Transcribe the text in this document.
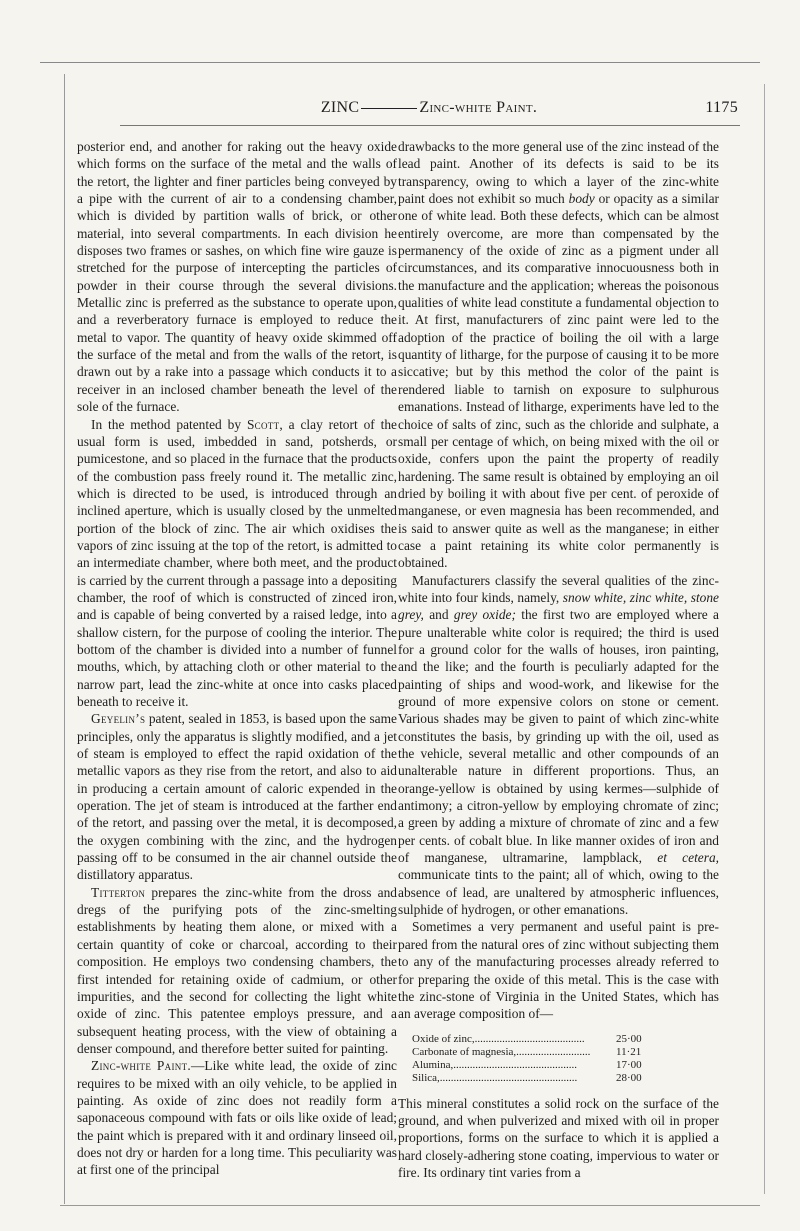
ZINC	Zinc-white Paint.	1175

posterior end, and another for raking out the heavy oxide which forms on the surface of the metal and the walls of the retort, the lighter and finer particles being conveyed by a pipe with the current of air to a condensing chamber, which is divided by partition walls of brick, or other material, into several compartments. In each division he disposes two frames or sashes, on which fine wire gauze is stretched for the purpose of intercepting the particles of powder in their course through the several divisions. Metallic zinc is preferred as the substance to operate upon, and a reverberatory furnace is employed to reduce the metal to vapor. The quantity of heavy oxide skimmed off the surface of the metal and from the walls of the retort, is drawn out by a rake into a passage which conducts it to a receiver in an inclosed chamber beneath the level of the sole of the furnace.

In the method patented by Scott, a clay retort of the usual form is used, imbedded in sand, potsherds, or pumicestone, and so placed in the furnace that the products of the combustion pass freely round it. The metallic zinc, which is directed to be used, is introduced through an inclined aperture, which is usually closed by the unmelted portion of the block of zinc. The air which oxidises the vapors of zinc issuing at the top of the retort, is admitted to an intermediate chamber, where both meet, and the product is carried by the current through a passage into a depositing chamber, the roof of which is constructed of zinced iron, and is capable of being converted by a raised ledge, into a shallow cistern, for the purpose of cooling the interior. The bottom of the chamber is divided into a number of funnel mouths, which, by attaching cloth or other material to the narrow part, lead the zinc-white at once into casks placed beneath to receive it.

Geyelin’s patent, sealed in 1853, is based upon the same principles, only the apparatus is slightly modified, and a jet of steam is employed to effect the rapid oxidation of the metallic vapors as they rise from the retort, and also to aid in producing a certain amount of caloric expended in the operation. The jet of steam is introduced at the farther end of the retort, and passing over the metal, it is decomposed, the oxygen combining with the zinc, and the hydrogen passing off to be consumed in the air channel outside the distillatory apparatus.

Titterton prepares the zinc-white from the dross and dregs of the purifying pots of the zinc-smelting establishments by heating them alone, or mixed with a certain quantity of coke or charcoal, according to their composition. He employs two condensing chambers, the first intended for retaining oxide of cadmium, or other impurities, and the second for collecting the light white oxide of zinc. This patentee employs pressure, and a subsequent heating process, with the view of obtaining a denser compound, and therefore better suited for painting.

Zinc-white Paint.—Like white lead, the oxide of zinc requires to be mixed with an oily vehicle, to be applied in painting. As oxide of zinc does not readily form a saponaceous compound with fats or oils like oxide of lead; the paint which is prepared with it and ordinary linseed oil, does not dry or harden for a long time. This peculiarity was at first one of the principal

drawbacks to the more general use of the zinc instead of the lead paint. Another of its defects is said to be its transparency, owing to which a layer of the zinc-white paint does not exhibit so much body or opacity as a similar one of white lead. Both these defects, which can be almost entirely overcome, are more than compensated by the permanency of the oxide of zinc as a pigment under all circumstances, and its comparative innocuousness both in the manufacture and the application; whereas the poisonous qualities of white lead constitute a fundamental objection to it. At first, manufacturers of zinc paint were led to the adoption of the practice of boiling the oil with a large quantity of litharge, for the purpose of causing it to be more siccative; but by this method the color of the paint is rendered liable to tarnish on exposure to sulphurous emanations. Instead of litharge, experiments have led to the choice of salts of zinc, such as the chloride and sulphate, a small per centage of which, on being mixed with the oil or oxide, confers upon the paint the property of readily hardening. The same result is obtained by employing an oil dried by boiling it with about five per cent. of peroxide of manganese, or even magnesia has been recommended, and is said to answer quite as well as the manganese; in either case a paint retaining its white color permanently is obtained.

Manufacturers classify the several qualities of the zinc-white into four kinds, namely, snow white, zinc white, stone grey, and grey oxide; the first two are employed where a pure unalterable white color is required; the third is used for a ground color for the walls of houses, iron painting, and the like; and the fourth is peculiarly adapted for the painting of ships and wood-work, and likewise for the ground of more expensive colors on stone or cement. Various shades may be given to paint of which zinc-white constitutes the basis, by grinding up with the oil, used as the vehicle, several metallic and other compounds of an unalterable nature in different proportions. Thus, an orange-yellow is obtained by using kermes—sulphide of antimony; a citron-yellow by employing chromate of zinc; a green by adding a mixture of chromate of zinc and a few per cents. of cobalt blue. In like manner oxides of iron and of manganese, ultramarine, lampblack, et cetera, communicate tints to the paint; all of which, owing to the absence of lead, are unaltered by atmospheric influences, sulphide of hydrogen, or other emanations.

Sometimes a very permanent and useful paint is prepared from the natural ores of zinc without subjecting them to any of the manufacturing processes already referred to for preparing the oxide of this metal. This is the case with the zinc-stone of Virginia in the United States, which has an average composition of—

Oxide of zinc,........................................	25·00
Carbonate of magnesia,...........................	11·21
Alumina,.............................................	17·00
Silica,..................................................	28·00

This mineral constitutes a solid rock on the surface of the ground, and when pulverized and mixed with oil in proper proportions, forms on the surface to which it is applied a hard closely-adhering stone coating, impervious to water or fire. Its ordinary tint varies from a
